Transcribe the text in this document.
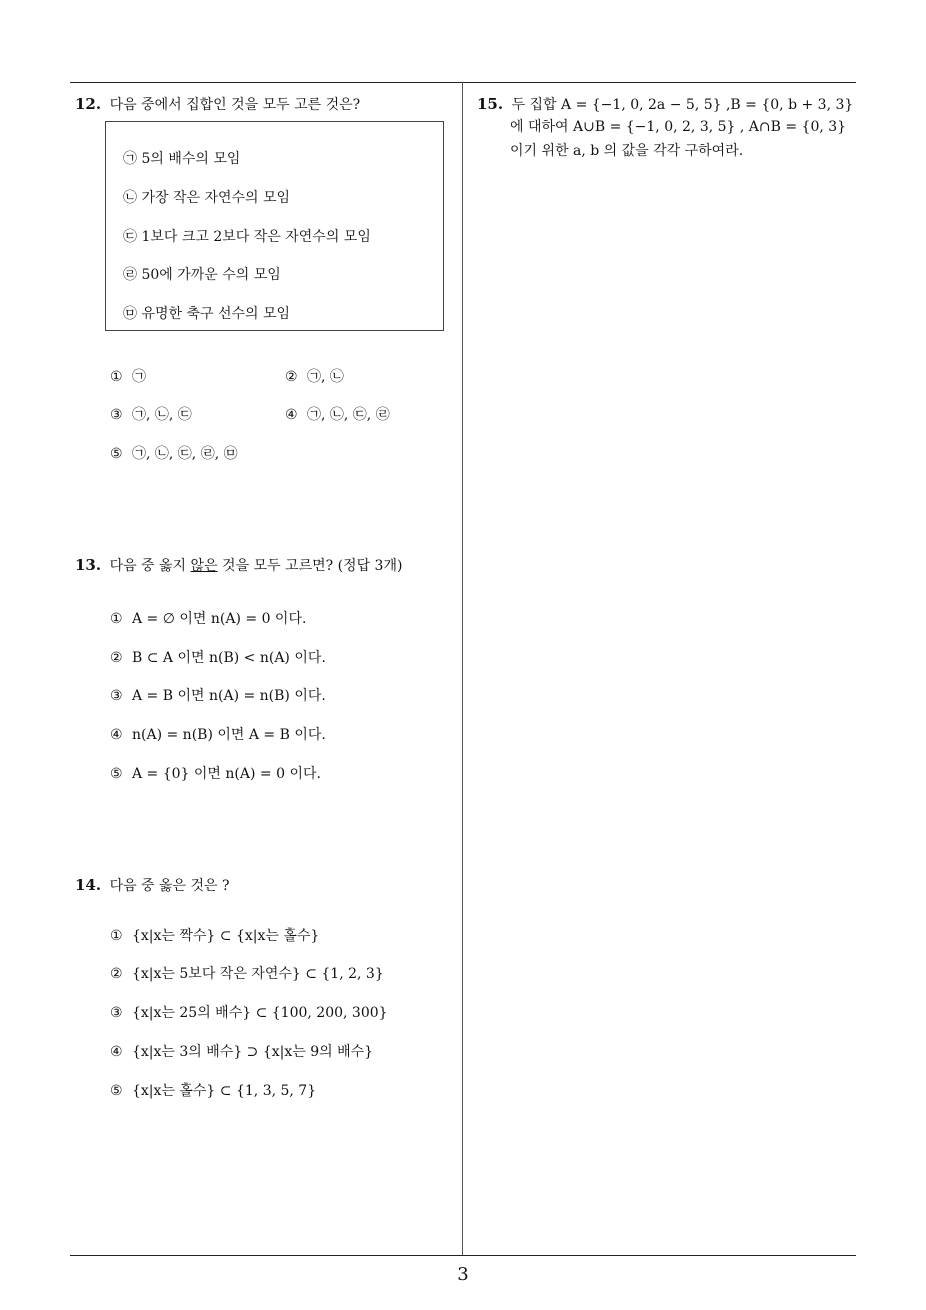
12. 다음 중에서 집합인 것을 모두 고른 것은?
㉠ 5의 배수의 모임
㉡ 가장 작은 자연수의 모임
㉢ 1보다 크고 2보다 작은 자연수의 모임
㉣ 50에 가까운 수의 모임
㉤ 유명한 축구 선수의 모임
① ㉠	② ㉠, ㉡
③ ㉠, ㉡, ㉢	④ ㉠, ㉡, ㉢, ㉣
⑤ ㉠, ㉡, ㉢, ㉣, ㉤
13. 다음 중 옳지 않은 것을 모두 고르면? (정답 3개)
① A = ∅ 이면 n(A) = 0 이다.
② B ⊂ A 이면 n(B) < n(A) 이다.
③ A = B 이면 n(A) = n(B) 이다.
④ n(A) = n(B) 이면 A = B 이다.
⑤ A = {0} 이면 n(A) = 0 이다.
14. 다음 중 옳은 것은 ?
① {x|x는 짝수} ⊂ {x|x는 홀수}
② {x|x는 5보다 작은 자연수} ⊂ {1, 2, 3}
③ {x|x는 25의 배수} ⊂ {100, 200, 300}
④ {x|x는 3의 배수} ⊃ {x|x는 9의 배수}
⑤ {x|x는 홀수} ⊂ {1, 3, 5, 7}
15. 두 집합 A = {−1, 0, 2a − 5, 5} ,B = {0, b + 3, 3}
에 대하여 A∪B = {−1, 0, 2, 3, 5} , A∩B = {0, 3}
이기 위한 a, b 의 값을 각각 구하여라.
3
